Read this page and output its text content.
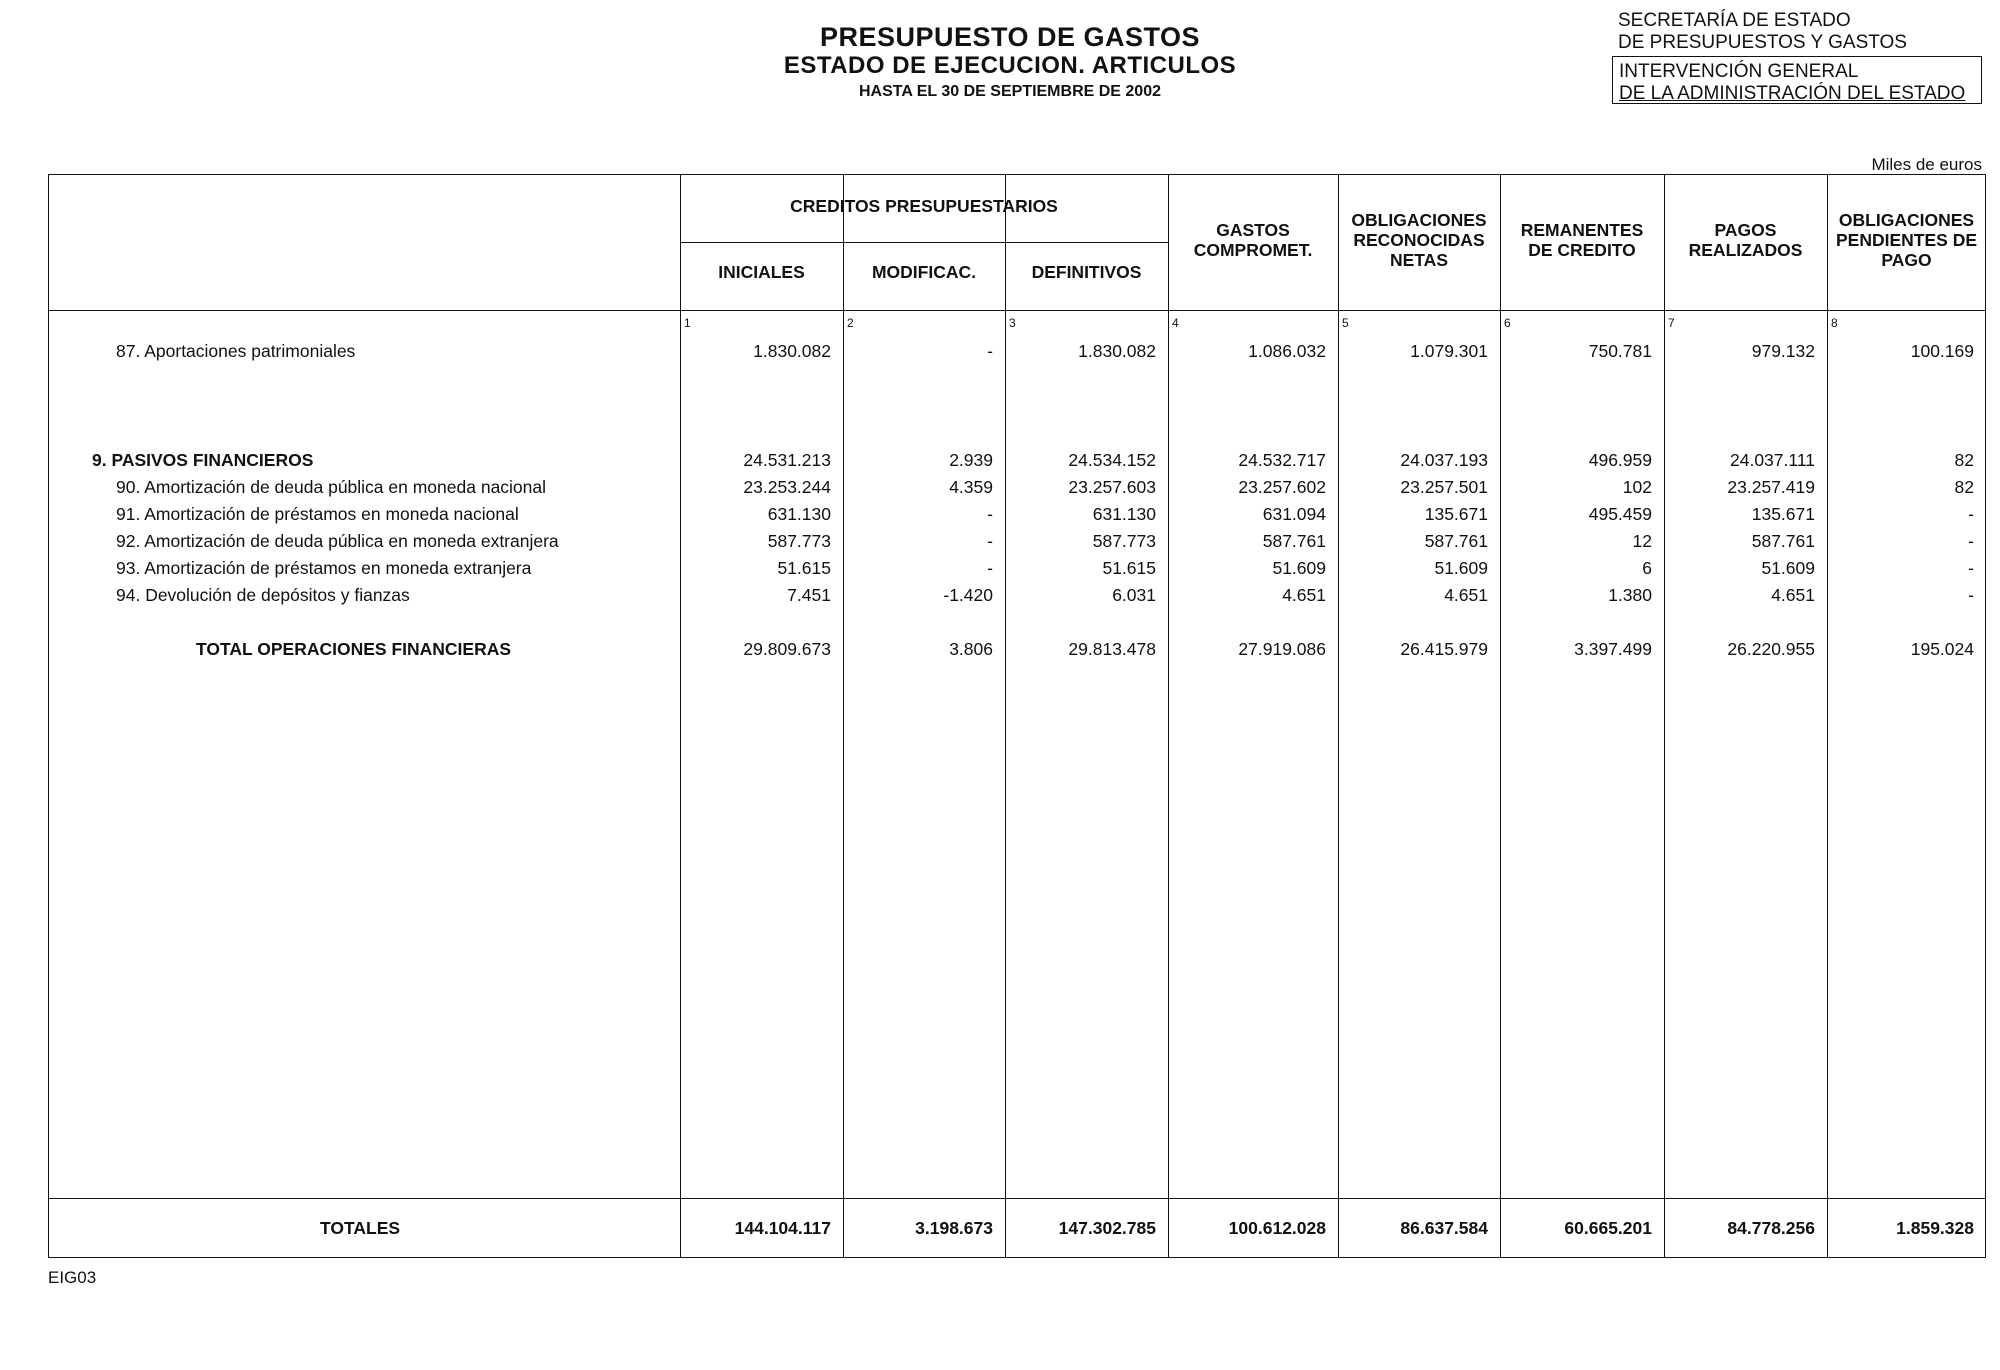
PRESUPUESTO DE GASTOS
ESTADO DE EJECUCION. ARTICULOS
HASTA EL 30 DE SEPTIEMBRE DE 2002
SECRETARÍA DE ESTADO
DE PRESUPUESTOS Y GASTOS
INTERVENCIÓN GENERAL
DE LA ADMINISTRACIÓN DEL ESTADO
Miles de euros
CREDITOS PRESUPUESTARIOS
INICIALES
1
MODIFICAC.
2
DEFINITIVOS
3
GASTOS
COMPROMET.
4
OBLIGACIONES
RECONOCIDAS
NETAS
5
REMANENTES
DE CREDITO
6
PAGOS
REALIZADOS
7
OBLIGACIONES
PENDIENTES DE
PAGO
8
87. Aportaciones patrimoniales	1.830.082	-	1.830.082	1.086.032	1.079.301	750.781	979.132	100.169
9. PASIVOS FINANCIEROS	24.531.213	2.939	24.534.152	24.532.717	24.037.193	496.959	24.037.111	82
90. Amortización de deuda pública en moneda nacional	23.253.244	4.359	23.257.603	23.257.602	23.257.501	102	23.257.419	82
91. Amortización de préstamos en moneda nacional	631.130	-	631.130	631.094	135.671	495.459	135.671	-
92. Amortización de deuda pública en moneda extranjera	587.773	-	587.773	587.761	587.761	12	587.761	-
93. Amortización de préstamos en moneda extranjera	51.615	-	51.615	51.609	51.609	6	51.609	-
94. Devolución de depósitos y fianzas	7.451	-1.420	6.031	4.651	4.651	1.380	4.651	-
TOTAL OPERACIONES FINANCIERAS	29.809.673	3.806	29.813.478	27.919.086	26.415.979	3.397.499	26.220.955	195.024
TOTALES	144.104.117	3.198.673	147.302.785	100.612.028	86.637.584	60.665.201	84.778.256	1.859.328
EIG03
